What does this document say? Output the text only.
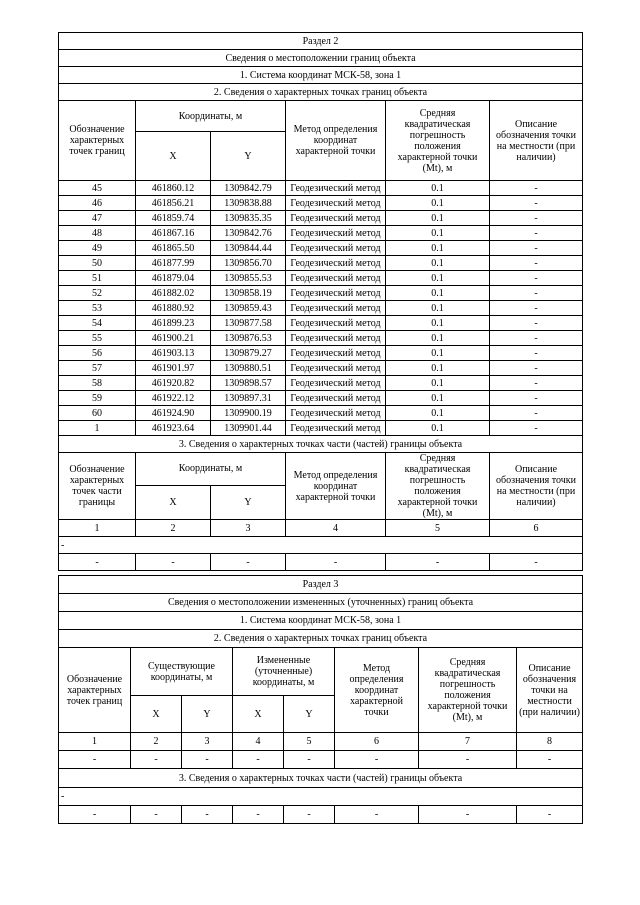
Раздел 2					
Сведения о местоположении границ объекта					
1. Система координат МСК-58, зона 1					
2. Сведения о характерных точках границ объекта					
Обозначение характерных точек границ	Координаты, м		Метод определения координат характерной точки	Средняя квадратическая погрешность положения характерной точки (Mt), м	Описание обозначения точки на местности (при наличии)
	X	Y			
45	461860.12	1309842.79	Геодезический метод	0.1	-
46	461856.21	1309838.88	Геодезический метод	0.1	-
47	461859.74	1309835.35	Геодезический метод	0.1	-
48	461867.16	1309842.76	Геодезический метод	0.1	-
49	461865.50	1309844.44	Геодезический метод	0.1	-
50	461877.99	1309856.70	Геодезический метод	0.1	-
51	461879.04	1309855.53	Геодезический метод	0.1	-
52	461882.02	1309858.19	Геодезический метод	0.1	-
53	461880.92	1309859.43	Геодезический метод	0.1	-
54	461899.23	1309877.58	Геодезический метод	0.1	-
55	461900.21	1309876.53	Геодезический метод	0.1	-
56	461903.13	1309879.27	Геодезический метод	0.1	-
57	461901.97	1309880.51	Геодезический метод	0.1	-
58	461920.82	1309898.57	Геодезический метод	0.1	-
59	461922.12	1309897.31	Геодезический метод	0.1	-
60	461924.90	1309900.19	Геодезический метод	0.1	-
1	461923.64	1309901.44	Геодезический метод	0.1	-
3. Сведения о характерных точках части (частей) границы объекта					
Обозначение характерных точек части границы	Координаты, м		Метод определения координат характерной точки	Средняя квадратическая погрешность положения характерной точки (Mt), м	Описание обозначения точки на местности (при наличии)
	X	Y			
1	2	3	4	5	6
-					
-	-	-	-	-	-
Раздел 3							
Сведения о местоположении измененных (уточненных) границ объекта							
1. Система координат МСК-58, зона 1							
2. Сведения о характерных точках границ объекта							
Обозначение характерных точек границ	Существующие координаты, м		Измененные (уточненные) координаты, м		Метод определения координат характерной точки	Средняя квадратическая погрешность положения характерной точки (Mt), м	Описание обозначения точки на местности (при наличии)
	X	Y	X	Y			
1	2	3	4	5	6	7	8
-	-	-	-	-	-	-	-
3. Сведения о характерных точках части (частей) границы объекта							
-							
-	-	-	-	-	-	-	-
